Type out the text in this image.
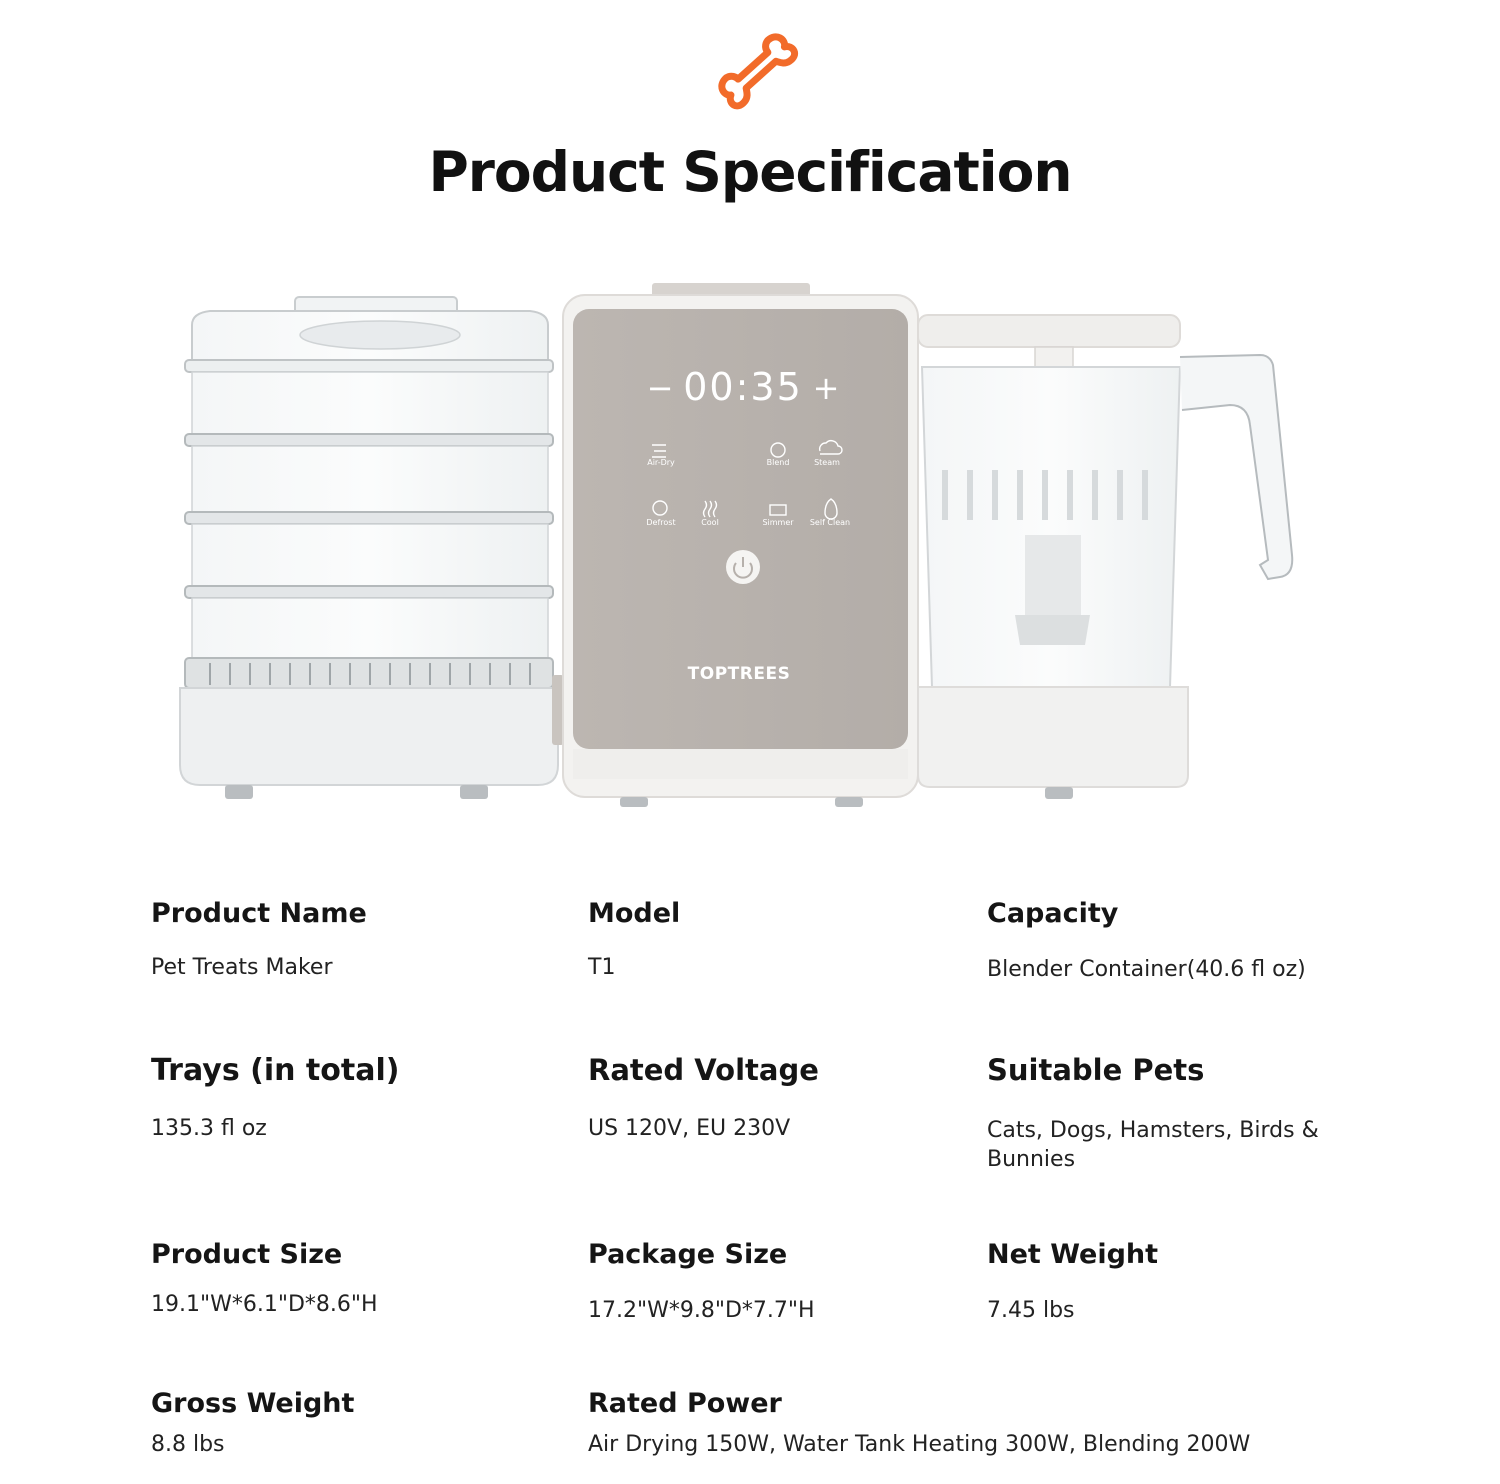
Product Specification
− 00:35 +
Air-Dry	Blend	Steam
Defrost	Cool	Simmer Self Clean
TOPTREES
Product Name
Pet Treats Maker
Model
T1
Capacity
Blender Container(40.6 fl oz)
Trays (in total)
135.3 fl oz
Rated Voltage
US 120V, EU 230V
Suitable Pets
Cats, Dogs, Hamsters, Birds & Bunnies
Product Size
19.1"W*6.1"D*8.6"H
Package Size
17.2"W*9.8"D*7.7"H
Net Weight
7.45 lbs
Gross Weight
8.8 lbs
Rated Power
Air Drying 150W, Water Tank Heating 300W, Blending 200W
